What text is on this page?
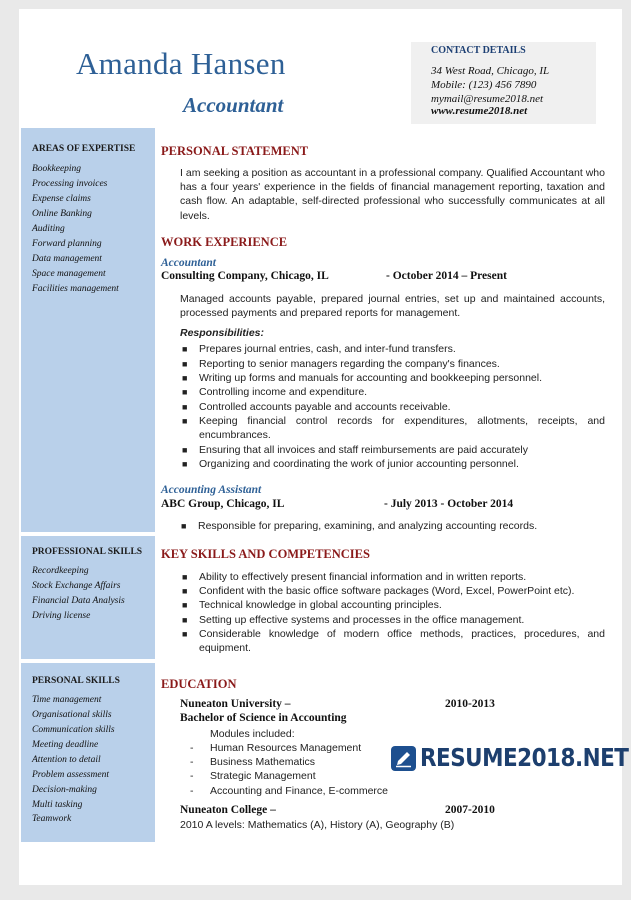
Amanda Hansen
Accountant
CONTACT DETAILS
34 West Road, Chicago, IL
Mobile: (123) 456 7890
mymail@resume2018.net
www.resume2018.net
AREAS OF EXPERTISE
Bookkeeping
Processing invoices
Expense claims
Online Banking
Auditing
Forward planning
Data management
Space management
Facilities management
PROFESSIONAL SKILLS
Recordkeeping
Stock Exchange Affairs
Financial Data Analysis
Driving license
PERSONAL SKILLS
Time management
Organisational skills
Communication skills
Meeting deadline
Attention to detail
Problem assessment
Decision-making
Multi tasking
Teamwork
PERSONAL STATEMENT
I am seeking a position as accountant in a professional company. Qualified Accountant who has a four years' experience in the fields of financial management reporting, taxation and cash flow. An adaptable, self-directed professional who successfully communicates at all levels.
WORK EXPERIENCE
Accountant
Consulting Company, Chicago, IL	- October 2014 – Present
Managed accounts payable, prepared journal entries, set up and maintained accounts, processed payments and prepared reports for management.
Responsibilities:
■ Prepares journal entries, cash, and inter-fund transfers.
■ Reporting to senior managers regarding the company's finances.
■ Writing up forms and manuals for accounting and bookkeeping personnel.
■ Controlling income and expenditure.
■ Controlled accounts payable and accounts receivable.
■ Keeping financial control records for expenditures, allotments, receipts, and encumbrances.
■ Ensuring that all invoices and staff reimbursements are paid accurately
■ Organizing and coordinating the work of junior accounting personnel.
Accounting Assistant
ABC Group, Chicago, IL	- July 2013 - October 2014
■ Responsible for preparing, examining, and analyzing accounting records.
KEY SKILLS AND COMPETENCIES
■ Ability to effectively present financial information and in written reports.
■ Confident with the basic office software packages (Word, Excel, PowerPoint etc).
■ Technical knowledge in global accounting principles.
■ Setting up effective systems and processes in the office management.
■ Considerable knowledge of modern office methods, practices, procedures, and equipment.
EDUCATION
Nuneaton University –	2010-2013
Bachelor of Science in Accounting
Modules included:
- Human Resources Management
- Business Mathematics
- Strategic Management
- Accounting and Finance, E-commerce
Nuneaton College –	2007-2010
2010 A levels: Mathematics (A), History (A), Geography (B)
RESUME2018.NET
